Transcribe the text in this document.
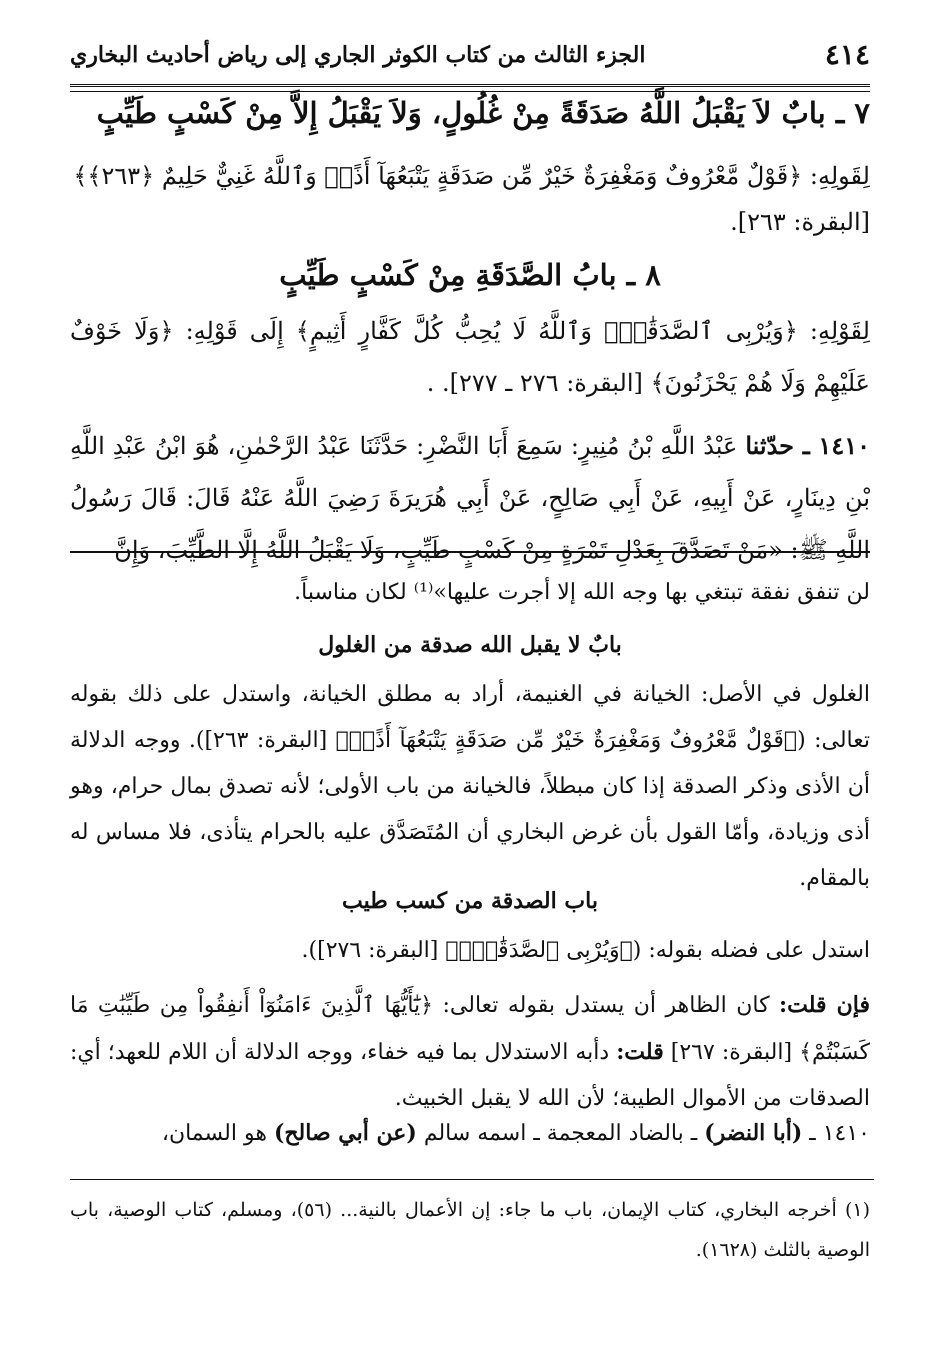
٤١٤
الجزء الثالث من كتاب الكوثر الجاري إلى رياض أحاديث البخاري
٧ ـ بابٌ لاَ يَقْبَلُ اللَّهُ صَدَقَةً مِنْ غُلُولٍ، وَلاَ يَقْبَلُ إِلاَّ مِنْ كَسْبٍ طَيِّبٍ
لِقَولِهِ: ﴿قَوْلٌ مَّعْرُوفٌ وَمَغْفِرَةٌ خَيْرٌ مِّن صَدَقَةٍ يَتْبَعُهَآ أَذًىۗ وَٱللَّهُ غَنِيٌّ حَلِيمٌ ﴿٢٦٣﴾﴾
[البقرة: ٢٦٣].
٨ ـ بابُ الصَّدَقَةِ مِنْ كَسْبٍ طَيِّبٍ
لِقَوْلِهِ: ﴿وَيُرْبِى ٱلصَّدَقَٰتِۗ وَٱللَّهُ لَا يُحِبُّ كُلَّ كَفَّارٍ أَثِيمٍ﴾ إِلَى قَوْلِهِ: ﴿وَلَا خَوْفٌ عَلَيْهِمْ وَلَا هُمْ يَحْزَنُونَ﴾ [البقرة: ٢٧٦ ـ ٢٧٧]. .
١٤١٠ ـ حدّثنا عَبْدُ اللَّهِ بْنُ مُنِيرٍ: سَمِعَ أَبَا النَّضْرِ: حَدَّثَنَا عَبْدُ الرَّحْمٰنِ، هُوَ ابْنُ عَبْدِ اللَّهِ بْنِ دِينَارٍ، عَنْ أَبِيهِ، عَنْ أَبِي صَالِحٍ، عَنْ أَبِي هُرَيرَةَ رَضِيَ اللَّهُ عَنْهُ قَالَ: قَالَ رَسُولُ اللَّهِ ﷺ: «مَنْ تَصَدَّقَ بِعَدْلِ تَمْرَةٍ مِنْ كَسْبٍ طَيِّبٍ، وَلَا يَقْبَلُ اللَّهُ إِلَّا الطَّيِّبَ، وَإِنَّ
لن تنفق نفقة تبتغي بها وجه الله إلا أجرت عليها»⁽¹⁾ لكان مناسباً.
بابٌ لا يقبل الله صدقة من الغلول
الغلول في الأصل: الخيانة في الغنيمة، أراد به مطلق الخيانة، واستدل على ذلك بقوله تعالى: (﴿قَوْلٌ مَّعْرُوفٌ وَمَغْفِرَةٌ خَيْرٌ مِّن صَدَقَةٍ يَتْبَعُهَآ أَذًىۗ﴾ [البقرة: ٢٦٣]). ووجه الدلالة أن الأذى وذكر الصدقة إذا كان مبطلاً، فالخيانة من باب الأولى؛ لأنه تصدق بمال حرام، وهو أذى وزيادة، وأمّا القول بأن غرض البخاري أن المُتَصَدَّق عليه بالحرام يتأذى، فلا مساس له بالمقام.
باب الصدقة من كسب طيب
استدل على فضله بقوله: (﴿وَيُرْبِى ٱلصَّدَقَٰتِۗ﴾ [البقرة: ٢٧٦]).
فإن قلت: كان الظاهر أن يستدل بقوله تعالى: ﴿يَٰٓأَيُّهَا ٱلَّذِينَ ءَامَنُوٓاْ أَنفِقُواْ مِن طَيِّبَٰتِ مَا كَسَبْتُمْ﴾ [البقرة: ٢٦٧] قلت: دأبه الاستدلال بما فيه خفاء، ووجه الدلالة أن اللام للعهد؛ أي: الصدقات من الأموال الطيبة؛ لأن الله لا يقبل الخبيث.
١٤١٠ ـ (أبا النضر) ـ بالضاد المعجمة ـ اسمه سالم (عن أبي صالح) هو السمان،
(١) أخرجه البخاري، كتاب الإيمان، باب ما جاء: إن الأعمال بالنية... (٥٦)، ومسلم، كتاب الوصية، باب الوصية بالثلث (١٦٢٨).
